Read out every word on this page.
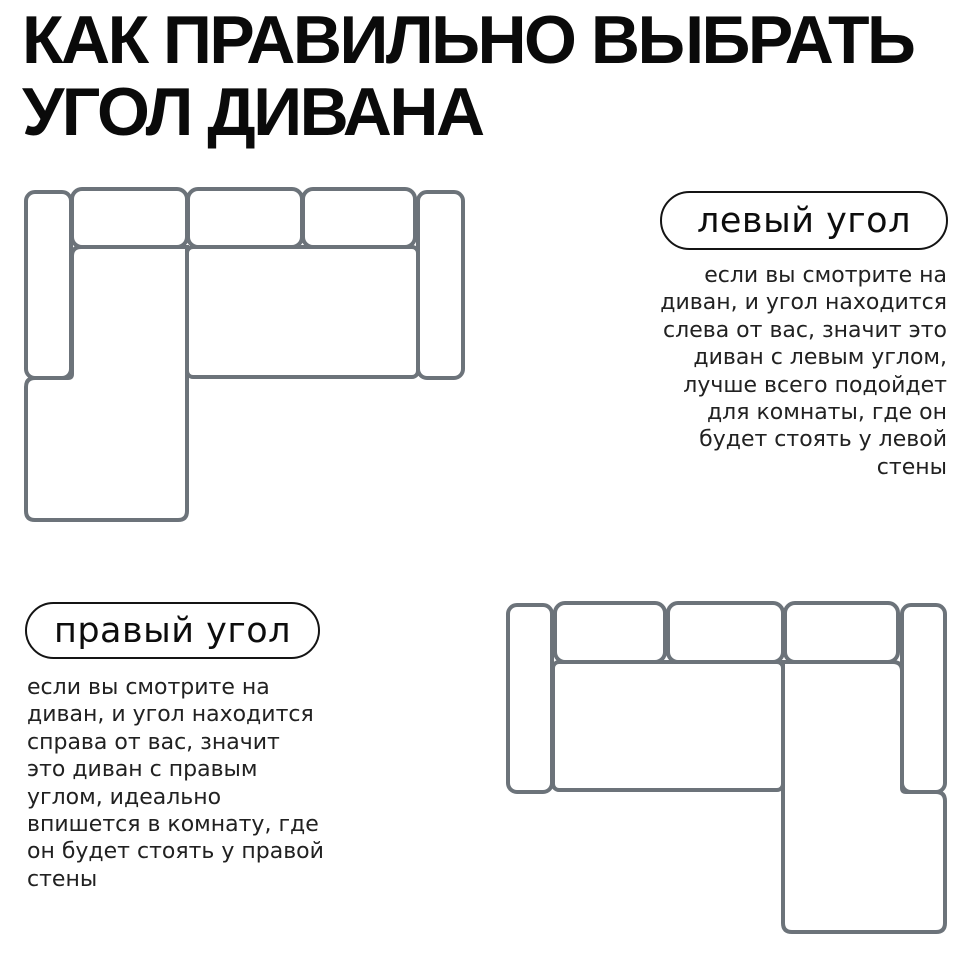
КАК ПРАВИЛЬНО ВЫБРАТЬ
УГОЛ ДИВАНА
левый угол
если вы смотрите на
диван, и угол находится
слева от вас, значит это
диван с левым углом,
лучше всего подойдет
для комнаты, где он
будет стоять у левой
стены
правый угол
если вы смотрите на
диван, и угол находится
справа от вас, значит
это диван с правым
углом, идеально
впишется в комнату, где
он будет стоять у правой
стены
